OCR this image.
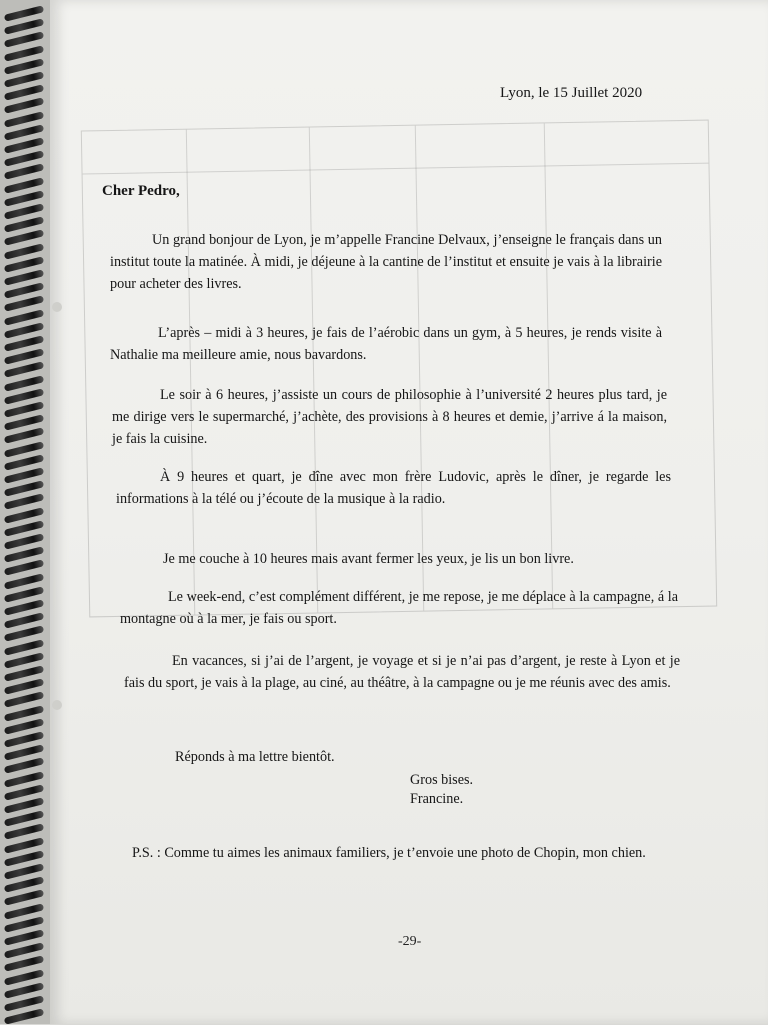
Lyon, le 15 Juillet 2020
Cher Pedro,
Un grand bonjour de Lyon, je m’appelle Francine Delvaux, j’enseigne le français dans un institut toute la matinée. À midi, je déjeune à la cantine de l’institut et ensuite je vais à la librairie pour acheter des livres.
L’après – midi à 3 heures, je fais de l’aérobic dans un gym, à 5 heures, je rends visite à Nathalie ma meilleure amie, nous bavardons.
Le soir à 6 heures, j’assiste un cours de philosophie à l’université 2 heures plus tard, je me dirige vers le supermarché, j’achète, des provisions à 8 heures et demie, j’arrive á la maison, je fais la cuisine.
À 9 heures et quart, je dîne avec mon frère Ludovic, après le dîner, je regarde les informations à la télé ou j’écoute de la musique à la radio.
Je me couche à 10 heures mais avant fermer les yeux, je lis un bon livre.
Le week-end, c’est complément différent, je me repose, je me déplace à la campagne, á la montagne où à la mer, je fais ou sport.
En vacances, si j’ai de l’argent, je voyage et si je n’ai pas d’argent, je reste à Lyon et je fais du sport, je vais à la plage, au ciné, au théâtre, à la campagne ou je me réunis avec des amis.
Réponds à ma lettre bientôt.
Gros bises.
Francine.
P.S. : Comme tu aimes les animaux familiers, je t’envoie une photo de Chopin, mon chien.
-29-
